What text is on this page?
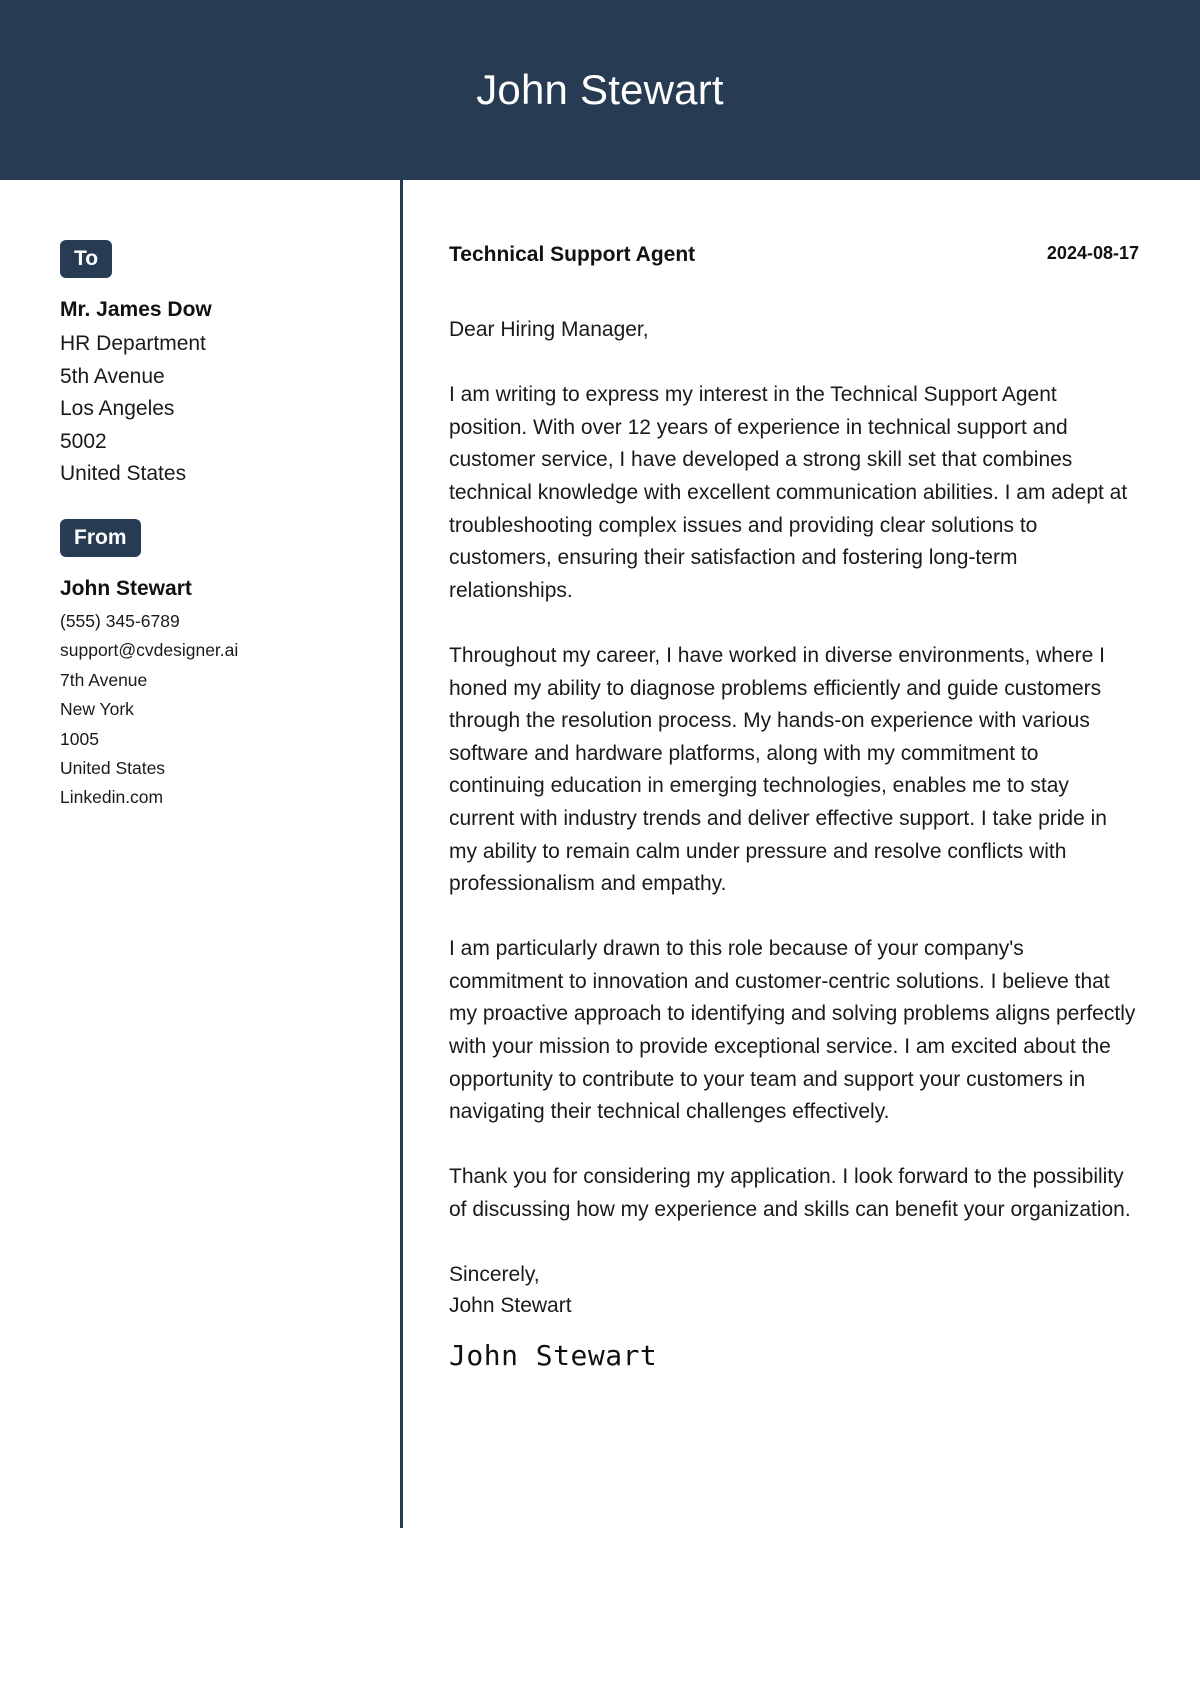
John Stewart
To
Mr. James Dow
HR Department
5th Avenue
Los Angeles
5002
United States
From
John Stewart
(555) 345-6789
support@cvdesigner.ai
7th Avenue
New York
1005
United States
Linkedin.com
Technical Support Agent	2024-08-17

Dear Hiring Manager,

I am writing to express my interest in the Technical Support Agent position. With over 12 years of experience in technical support and customer service, I have developed a strong skill set that combines technical knowledge with excellent communication abilities. I am adept at troubleshooting complex issues and providing clear solutions to customers, ensuring their satisfaction and fostering long-term relationships.

Throughout my career, I have worked in diverse environments, where I honed my ability to diagnose problems efficiently and guide customers through the resolution process. My hands-on experience with various software and hardware platforms, along with my commitment to continuing education in emerging technologies, enables me to stay current with industry trends and deliver effective support. I take pride in my ability to remain calm under pressure and resolve conflicts with professionalism and empathy.

I am particularly drawn to this role because of your company's commitment to innovation and customer-centric solutions. I believe that my proactive approach to identifying and solving problems aligns perfectly with your mission to provide exceptional service. I am excited about the opportunity to contribute to your team and support your customers in navigating their technical challenges effectively.

Thank you for considering my application. I look forward to the possibility of discussing how my experience and skills can benefit your organization.

Sincerely,
John Stewart
John Stewart
